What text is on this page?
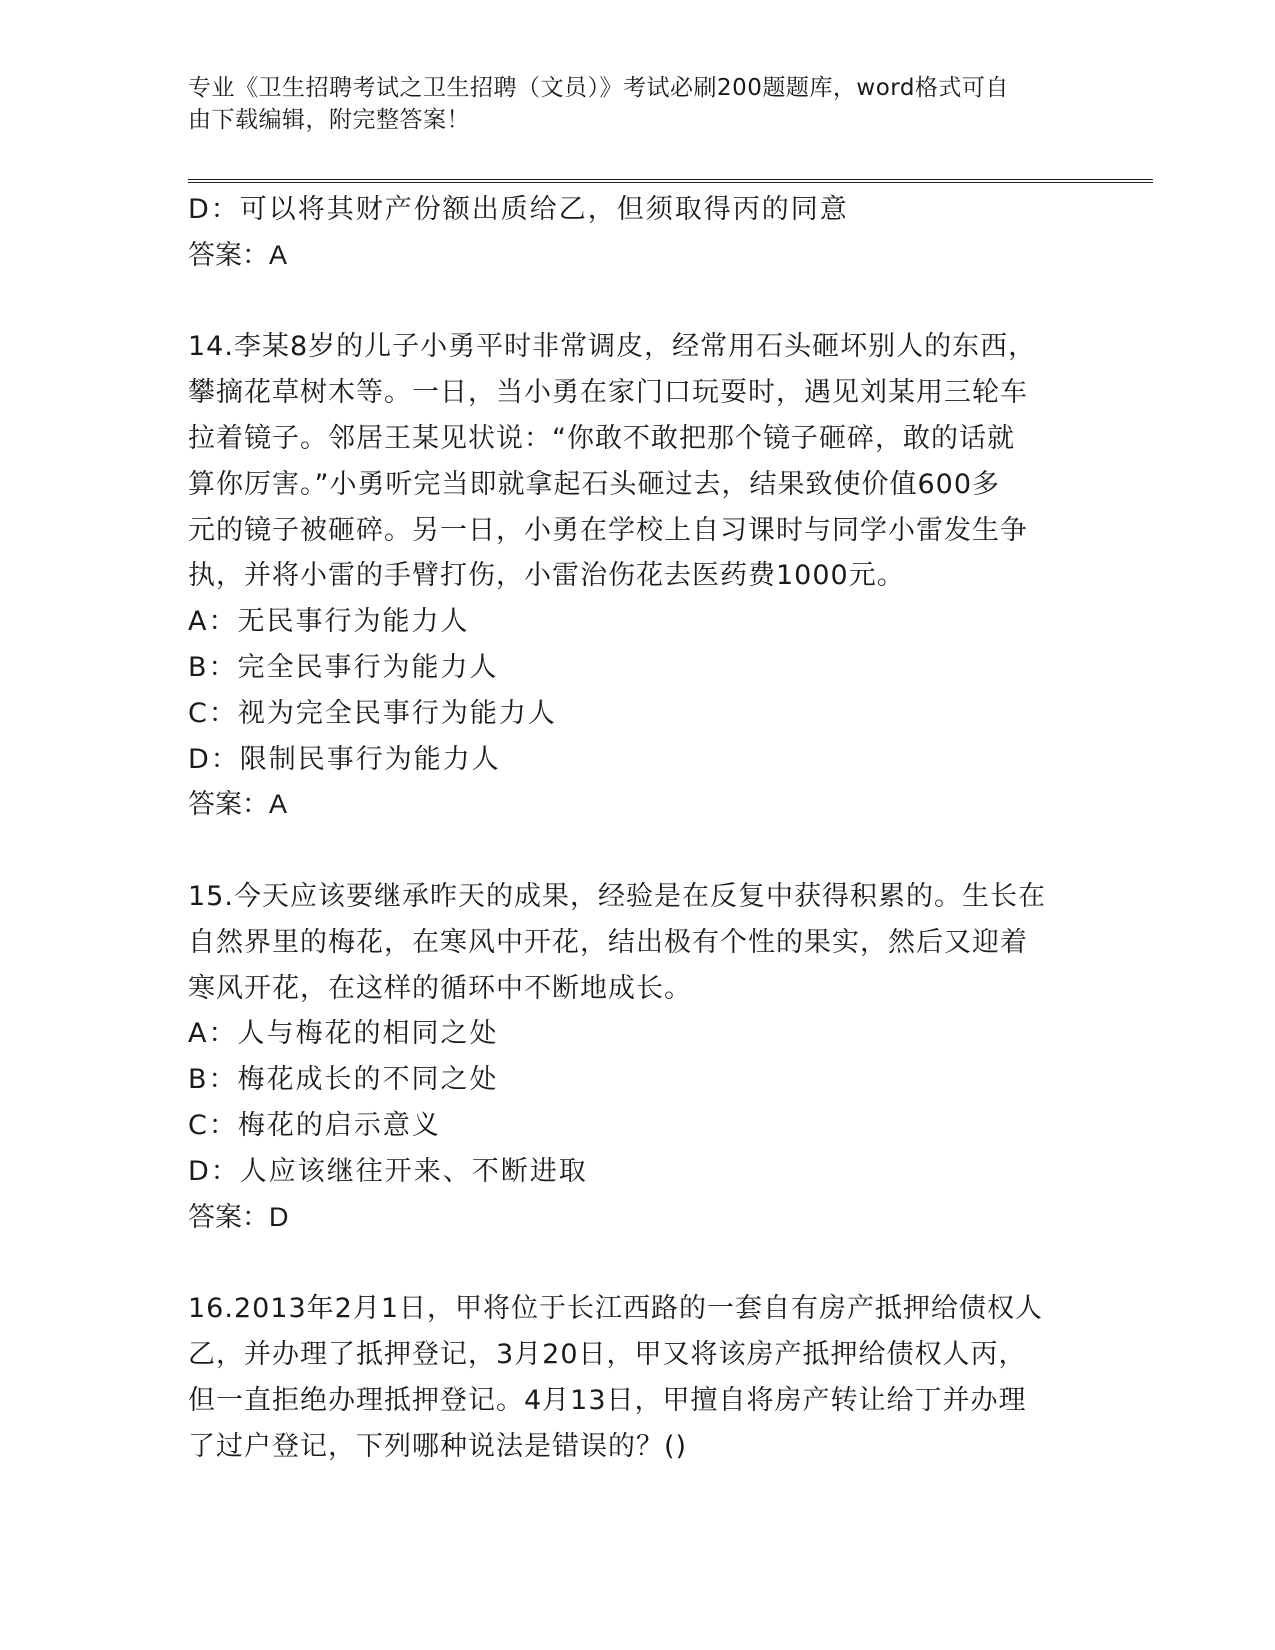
专业《卫生招聘考试之卫生招聘（文员）》考试必刷200题题库，word格式可自
由下载编辑，附完整答案！
D：可以将其财产份额出质给乙，但须取得丙的同意
答案：A
14.李某8岁的儿子小勇平时非常调皮，经常用石头砸坏别人的东西，
攀摘花草树木等。一日，当小勇在家门口玩耍时，遇见刘某用三轮车
拉着镜子。邻居王某见状说：“你敢不敢把那个镜子砸碎，敢的话就
算你厉害。”小勇听完当即就拿起石头砸过去，结果致使价值600多
元的镜子被砸碎。另一日，小勇在学校上自习课时与同学小雷发生争
执，并将小雷的手臂打伤，小雷治伤花去医药费1000元。
A：无民事行为能力人
B：完全民事行为能力人
C：视为完全民事行为能力人
D：限制民事行为能力人
答案：A
15.今天应该要继承昨天的成果，经验是在反复中获得积累的。生长在
自然界里的梅花，在寒风中开花，结出极有个性的果实，然后又迎着
寒风开花，在这样的循环中不断地成长。
A：人与梅花的相同之处
B：梅花成长的不同之处
C：梅花的启示意义
D：人应该继往开来、不断进取
答案：D
16.2013年2月1日，甲将位于长江西路的一套自有房产抵押给债权人
乙，并办理了抵押登记，3月20日，甲又将该房产抵押给债权人丙，
但一直拒绝办理抵押登记。4月13日，甲擅自将房产转让给丁并办理
了过户登记，下列哪种说法是错误的？()
